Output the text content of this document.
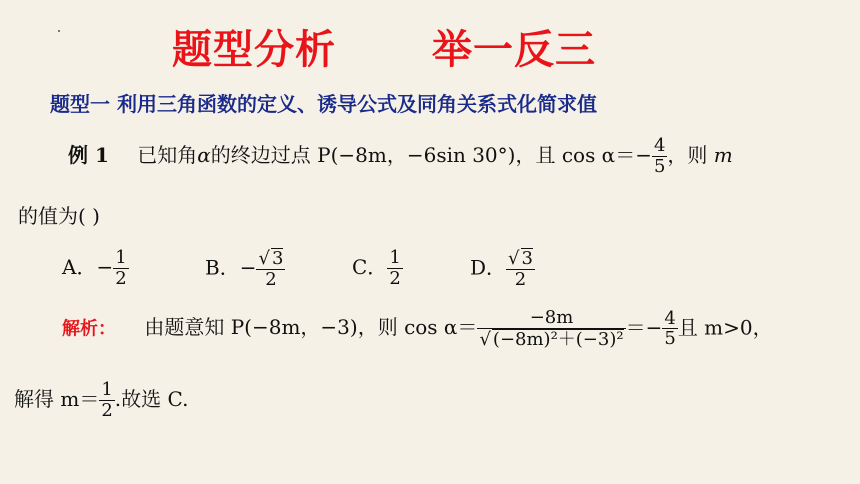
题型分析 举一反三
题型一 利用三角函数的定义、诱导公式及同角关系式化简求值
例 1 已知角α的终边过点 P(−8m，−6sin 30°)，且 $\cos \alpha=- \frac{4}{5}$ ，则 m
的值为( )
A．− $\frac{1}{2}$	B．− $\frac{√ 3}{2}$	C． $\frac{1}{2}$	D． $\frac{√ 3}{2}$
解析： 由题意知 P(−8m，−3)，则 $\cos \alpha= \frac{-8m}{\text{√ (−8m)²＋(−3)²}} =- \frac{4}{5}$ 且 m>0，
解得 $m= \frac{1}{2}$ .故选 C.
